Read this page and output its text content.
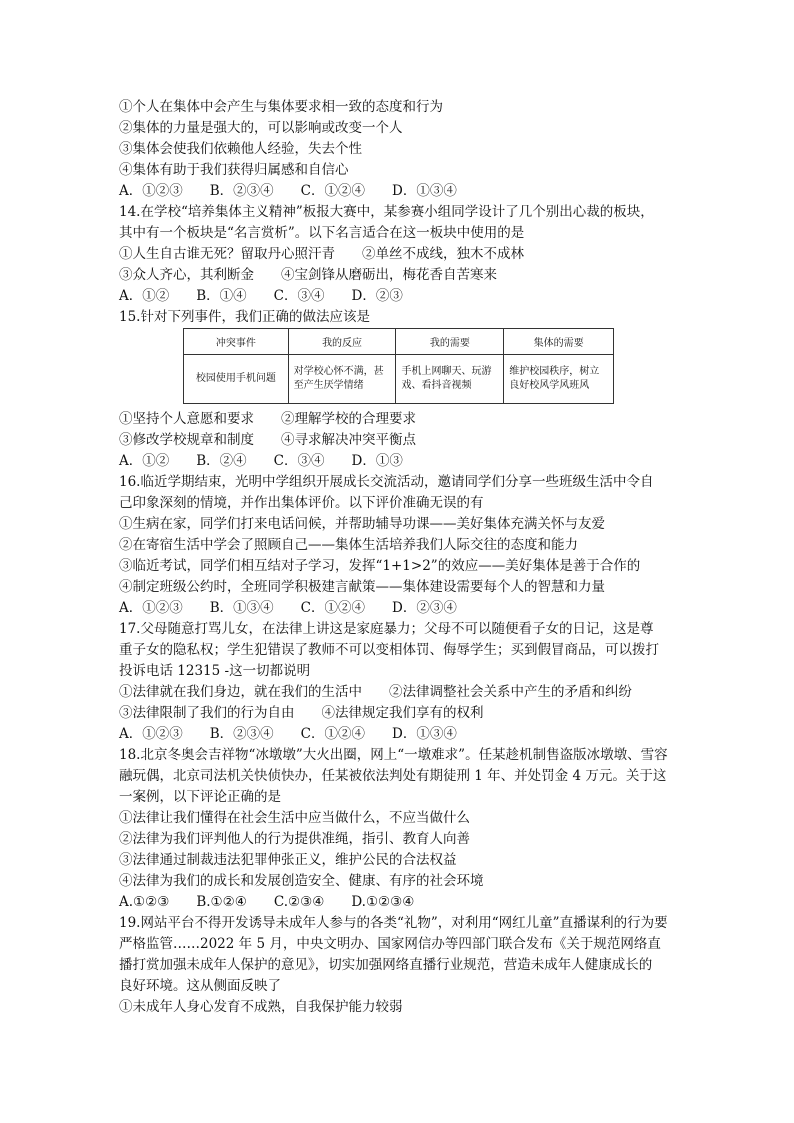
①个人在集体中会产生与集体要求相一致的态度和行为
②集体的力量是强大的，可以影响或改变一个人
③集体会使我们依赖他人经验，失去个性
④集体有助于我们获得归属感和自信心
A．①②③　　B．②③④　　C．①②④　　D．①③④
14.在学校“培养集体主义精神”板报大赛中，某参赛小组同学设计了几个别出心裁的板块，
其中有一个板块是“名言赏析”。以下名言适合在这一板块中使用的是
①人生自古谁无死？留取丹心照汗青　　②单丝不成线，独木不成林
③众人齐心，其利断金　　④宝剑锋从磨砺出，梅花香自苦寒来
A．①②　　B．①④　　C．③④　　D．②③
15.针对下列事件，我们正确的做法应该是
冲突事件	我的反应	我的需要	集体的需要
校园使用手机问题	对学校心怀不满，甚至产生厌学情绪	手机上网聊天、玩游戏、看抖音视频	维护校园秩序，树立良好校风学风班风
①坚持个人意愿和要求　　②理解学校的合理要求
③修改学校规章和制度　　④寻求解决冲突平衡点
A．①②　　B．②④　　C．③④　　D．①③
16.临近学期结束，光明中学组织开展成长交流活动，邀请同学们分享一些班级生活中令自
己印象深刻的情境，并作出集体评价。以下评价准确无误的有
①生病在家，同学们打来电话问候，并帮助辅导功课——美好集体充满关怀与友爱
②在寄宿生活中学会了照顾自己——集体生活培养我们人际交往的态度和能力
③临近考试，同学们相互结对子学习，发挥“1+1>2”的效应——美好集体是善于合作的
④制定班级公约时，全班同学积极建言献策——集体建设需要每个人的智慧和力量
A．①②③　　B．①③④　　C．①②④　　D．②③④
17.父母随意打骂儿女，在法律上讲这是家庭暴力；父母不可以随便看子女的日记，这是尊
重子女的隐私权；学生犯错误了教师不可以变相体罚、侮辱学生；买到假冒商品，可以拨打
投诉电话 12315 -这一切都说明
①法律就在我们身边，就在我们的生活中　　②法律调整社会关系中产生的矛盾和纠纷
③法律限制了我们的行为自由　　④法律规定我们享有的权利
A．①②③　　B．②③④　　C．①②④　　D．①③④
18.北京冬奥会吉祥物“冰墩墩”大火出圈，网上“一墩难求”。任某趁机制售盗版冰墩墩、雪容
融玩偶，北京司法机关快侦快办，任某被依法判处有期徒刑 1 年、并处罚金 4 万元。关于这
一案例，以下评论正确的是
①法律让我们懂得在社会生活中应当做什么，不应当做什么
②法律为我们评判他人的行为提供准绳，指引、教育人向善
③法律通过制裁违法犯罪伸张正义，维护公民的合法权益
④法律为我们的成长和发展创造安全、健康、有序的社会环境
A.①②③　　B.①②④　　C.②③④　　D.①②③④
19.网站平台不得开发诱导未成年人参与的各类“礼物”，对利用“网红儿童”直播谋利的行为要
严格监管……2022 年 5 月，中央文明办、国家网信办等四部门联合发布《关于规范网络直
播打赏加强未成年人保护的意见》，切实加强网络直播行业规范，营造未成年人健康成长的
良好环境。这从侧面反映了
①未成年人身心发育不成熟，自我保护能力较弱
